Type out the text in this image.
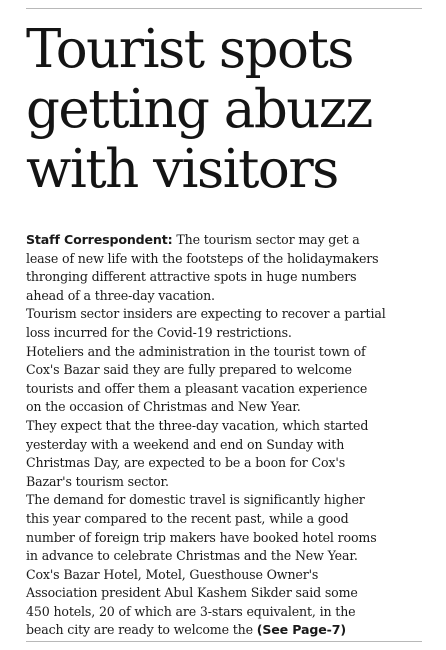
Tourist spots
getting abuzz
with visitors
Staff Correspondent: The tourism sector may get a
lease of new life with the footsteps of the holidaymakers
thronging different attractive spots in huge numbers
ahead of a three-day vacation.
Tourism sector insiders are expecting to recover a partial
loss incurred for the Covid-19 restrictions.
Hoteliers and the administration in the tourist town of
Cox's Bazar said they are fully prepared to welcome
tourists and offer them a pleasant vacation experience
on the occasion of Christmas and New Year.
They expect that the three-day vacation, which started
yesterday with a weekend and end on Sunday with
Christmas Day, are expected to be a boon for Cox's
Bazar's tourism sector.
The demand for domestic travel is significantly higher
this year compared to the recent past, while a good
number of foreign trip makers have booked hotel rooms
in advance to celebrate Christmas and the New Year.
Cox's Bazar Hotel, Motel, Guesthouse Owner's
Association president Abul Kashem Sikder said some
450 hotels, 20 of which are 3-stars equivalent, in the
beach city are ready to welcome the (See Page-7)
